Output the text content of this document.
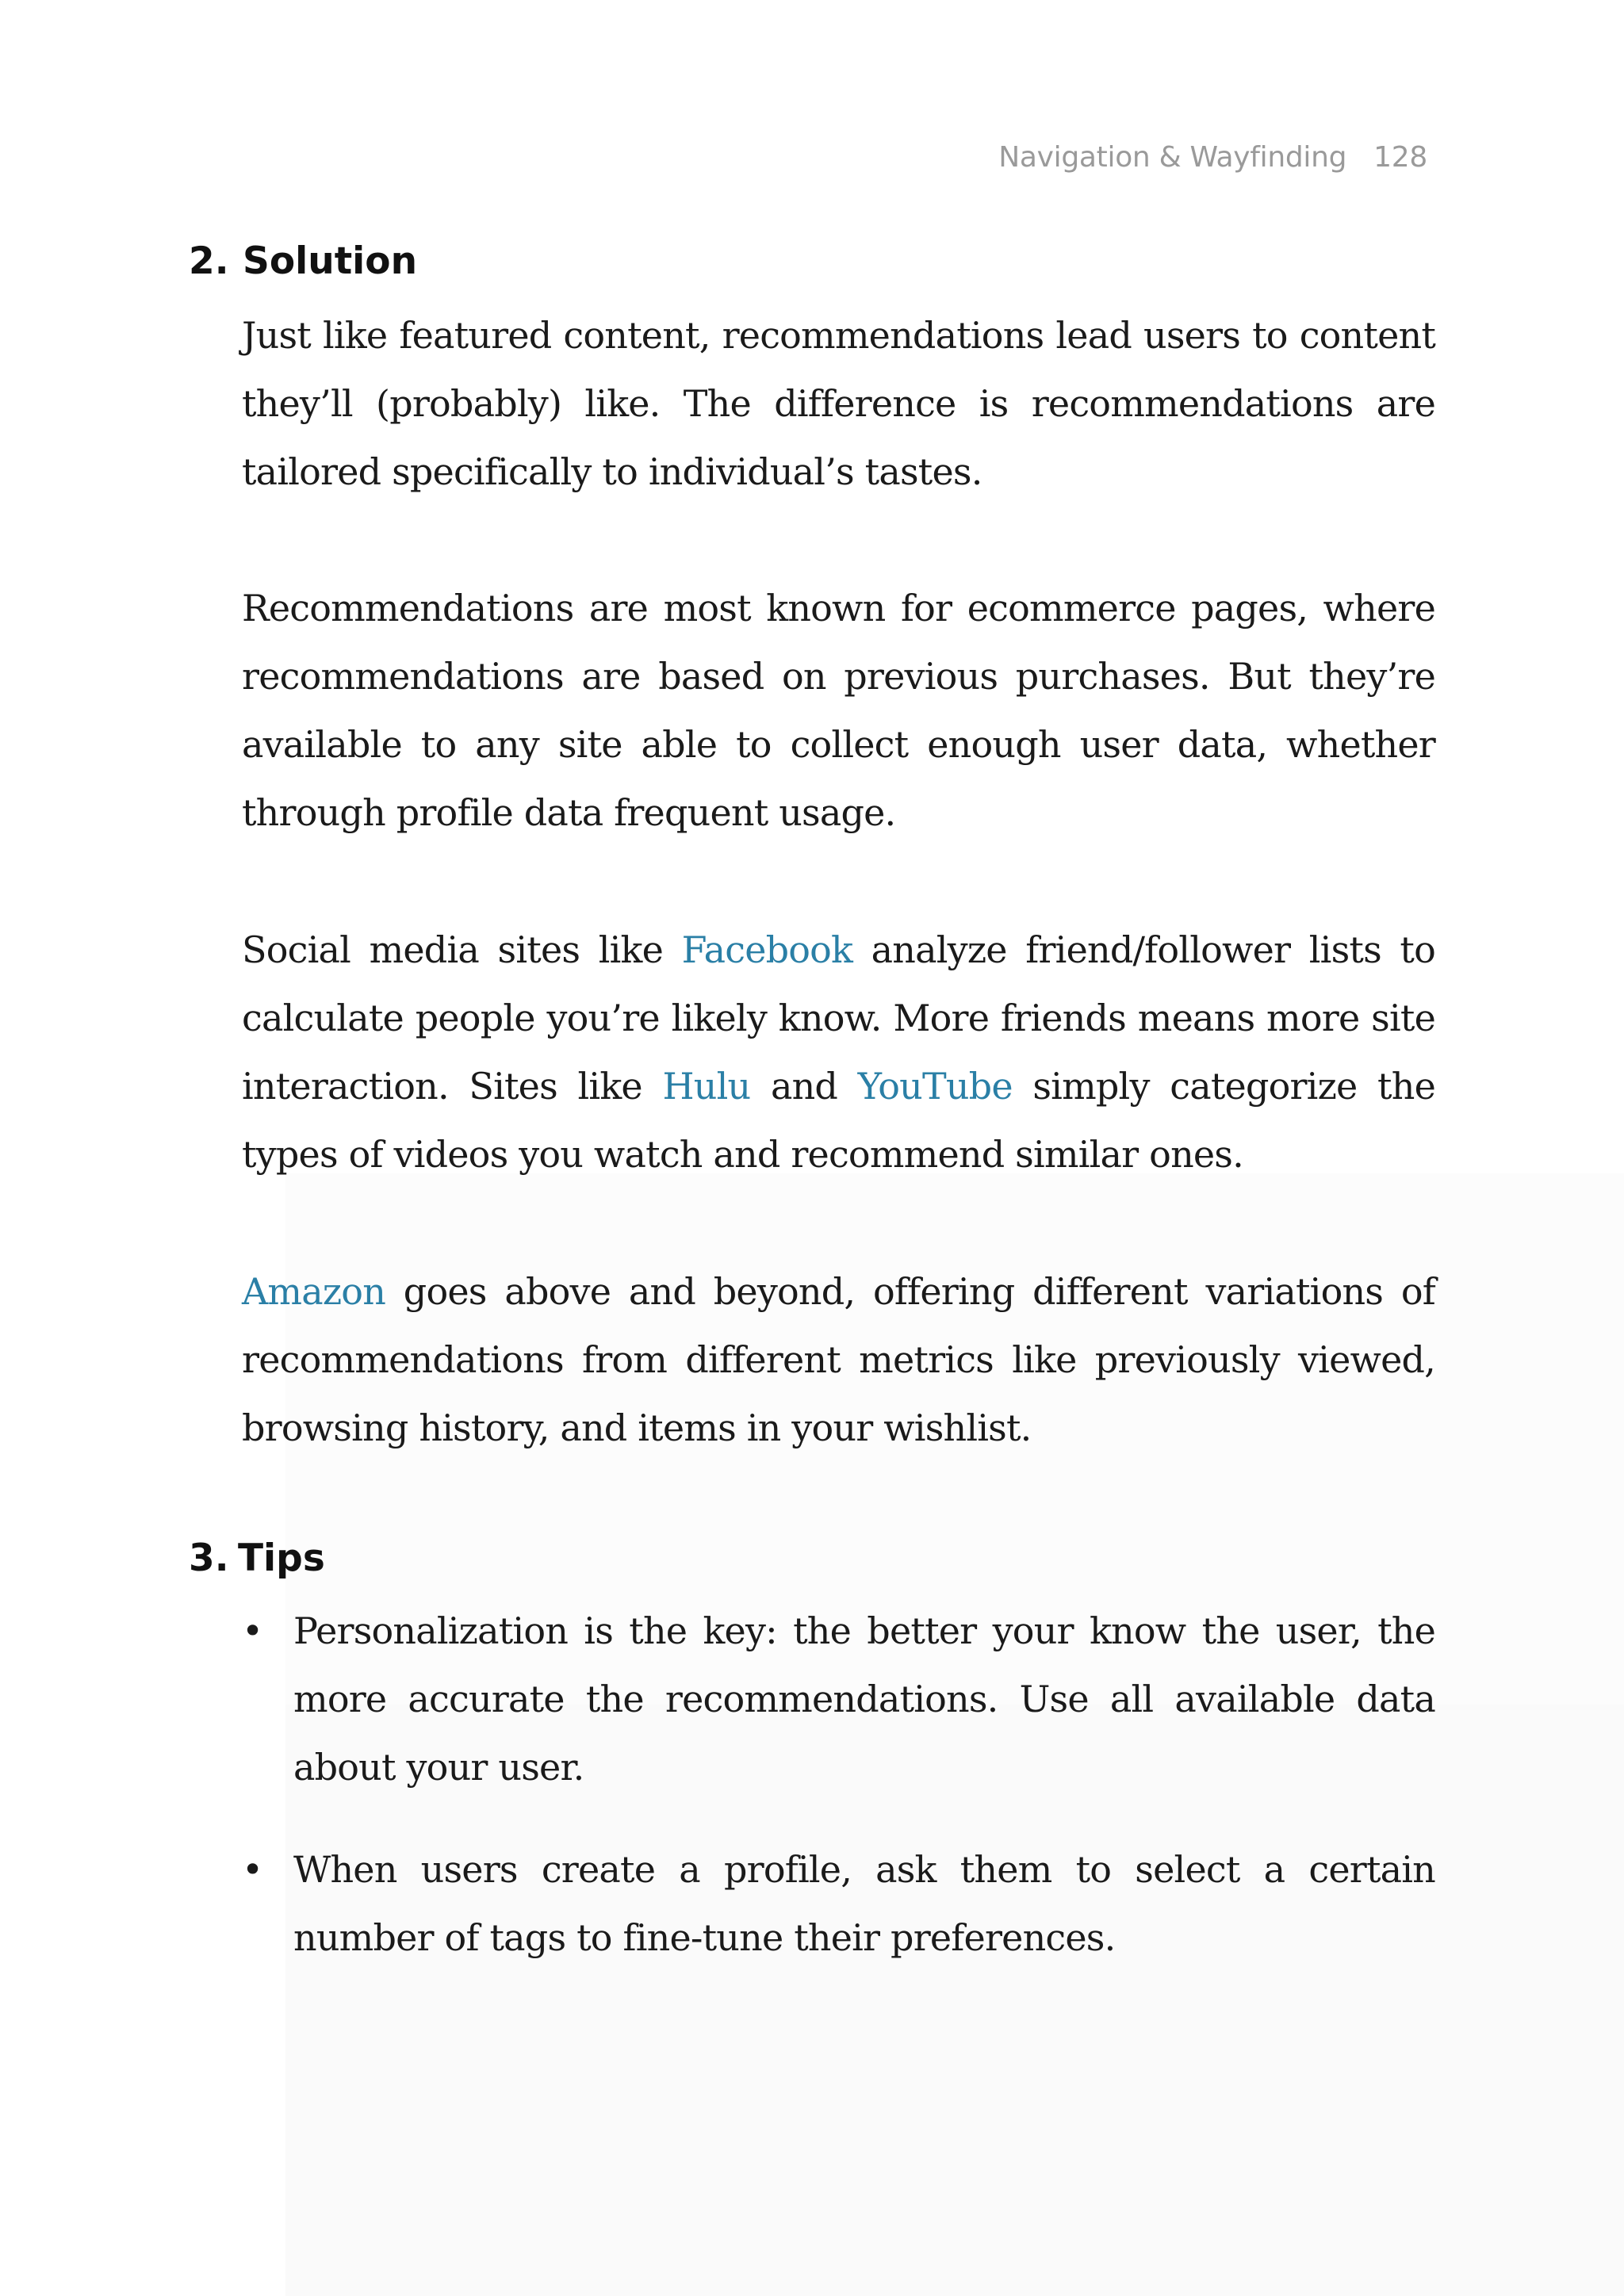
Navigation & Wayfinding 128
2. Solution

Just like featured content, recommendations lead users to content they’ll (probably) like. The difference is recommendations are tailored specifically to individual’s tastes.

Recommendations are most known for ecommerce pages, where recommendations are based on previous purchases. But they’re available to any site able to collect enough user data, whether through profile data frequent usage.

Social media sites like Facebook analyze friend/follower lists to calculate people you’re likely know. More friends means more site interaction. Sites like Hulu and YouTube simply categorize the types of videos you watch and recommend similar ones.

Amazon goes above and beyond, offering different variations of recommendations from different metrics like previously viewed, browsing history, and items in your wishlist.

3. Tips
• Personalization is the key: the better your know the user, the more accurate the recommendations. Use all available data about your user.
• When users create a profile, ask them to select a certain number of tags to fine-tune their preferences.
